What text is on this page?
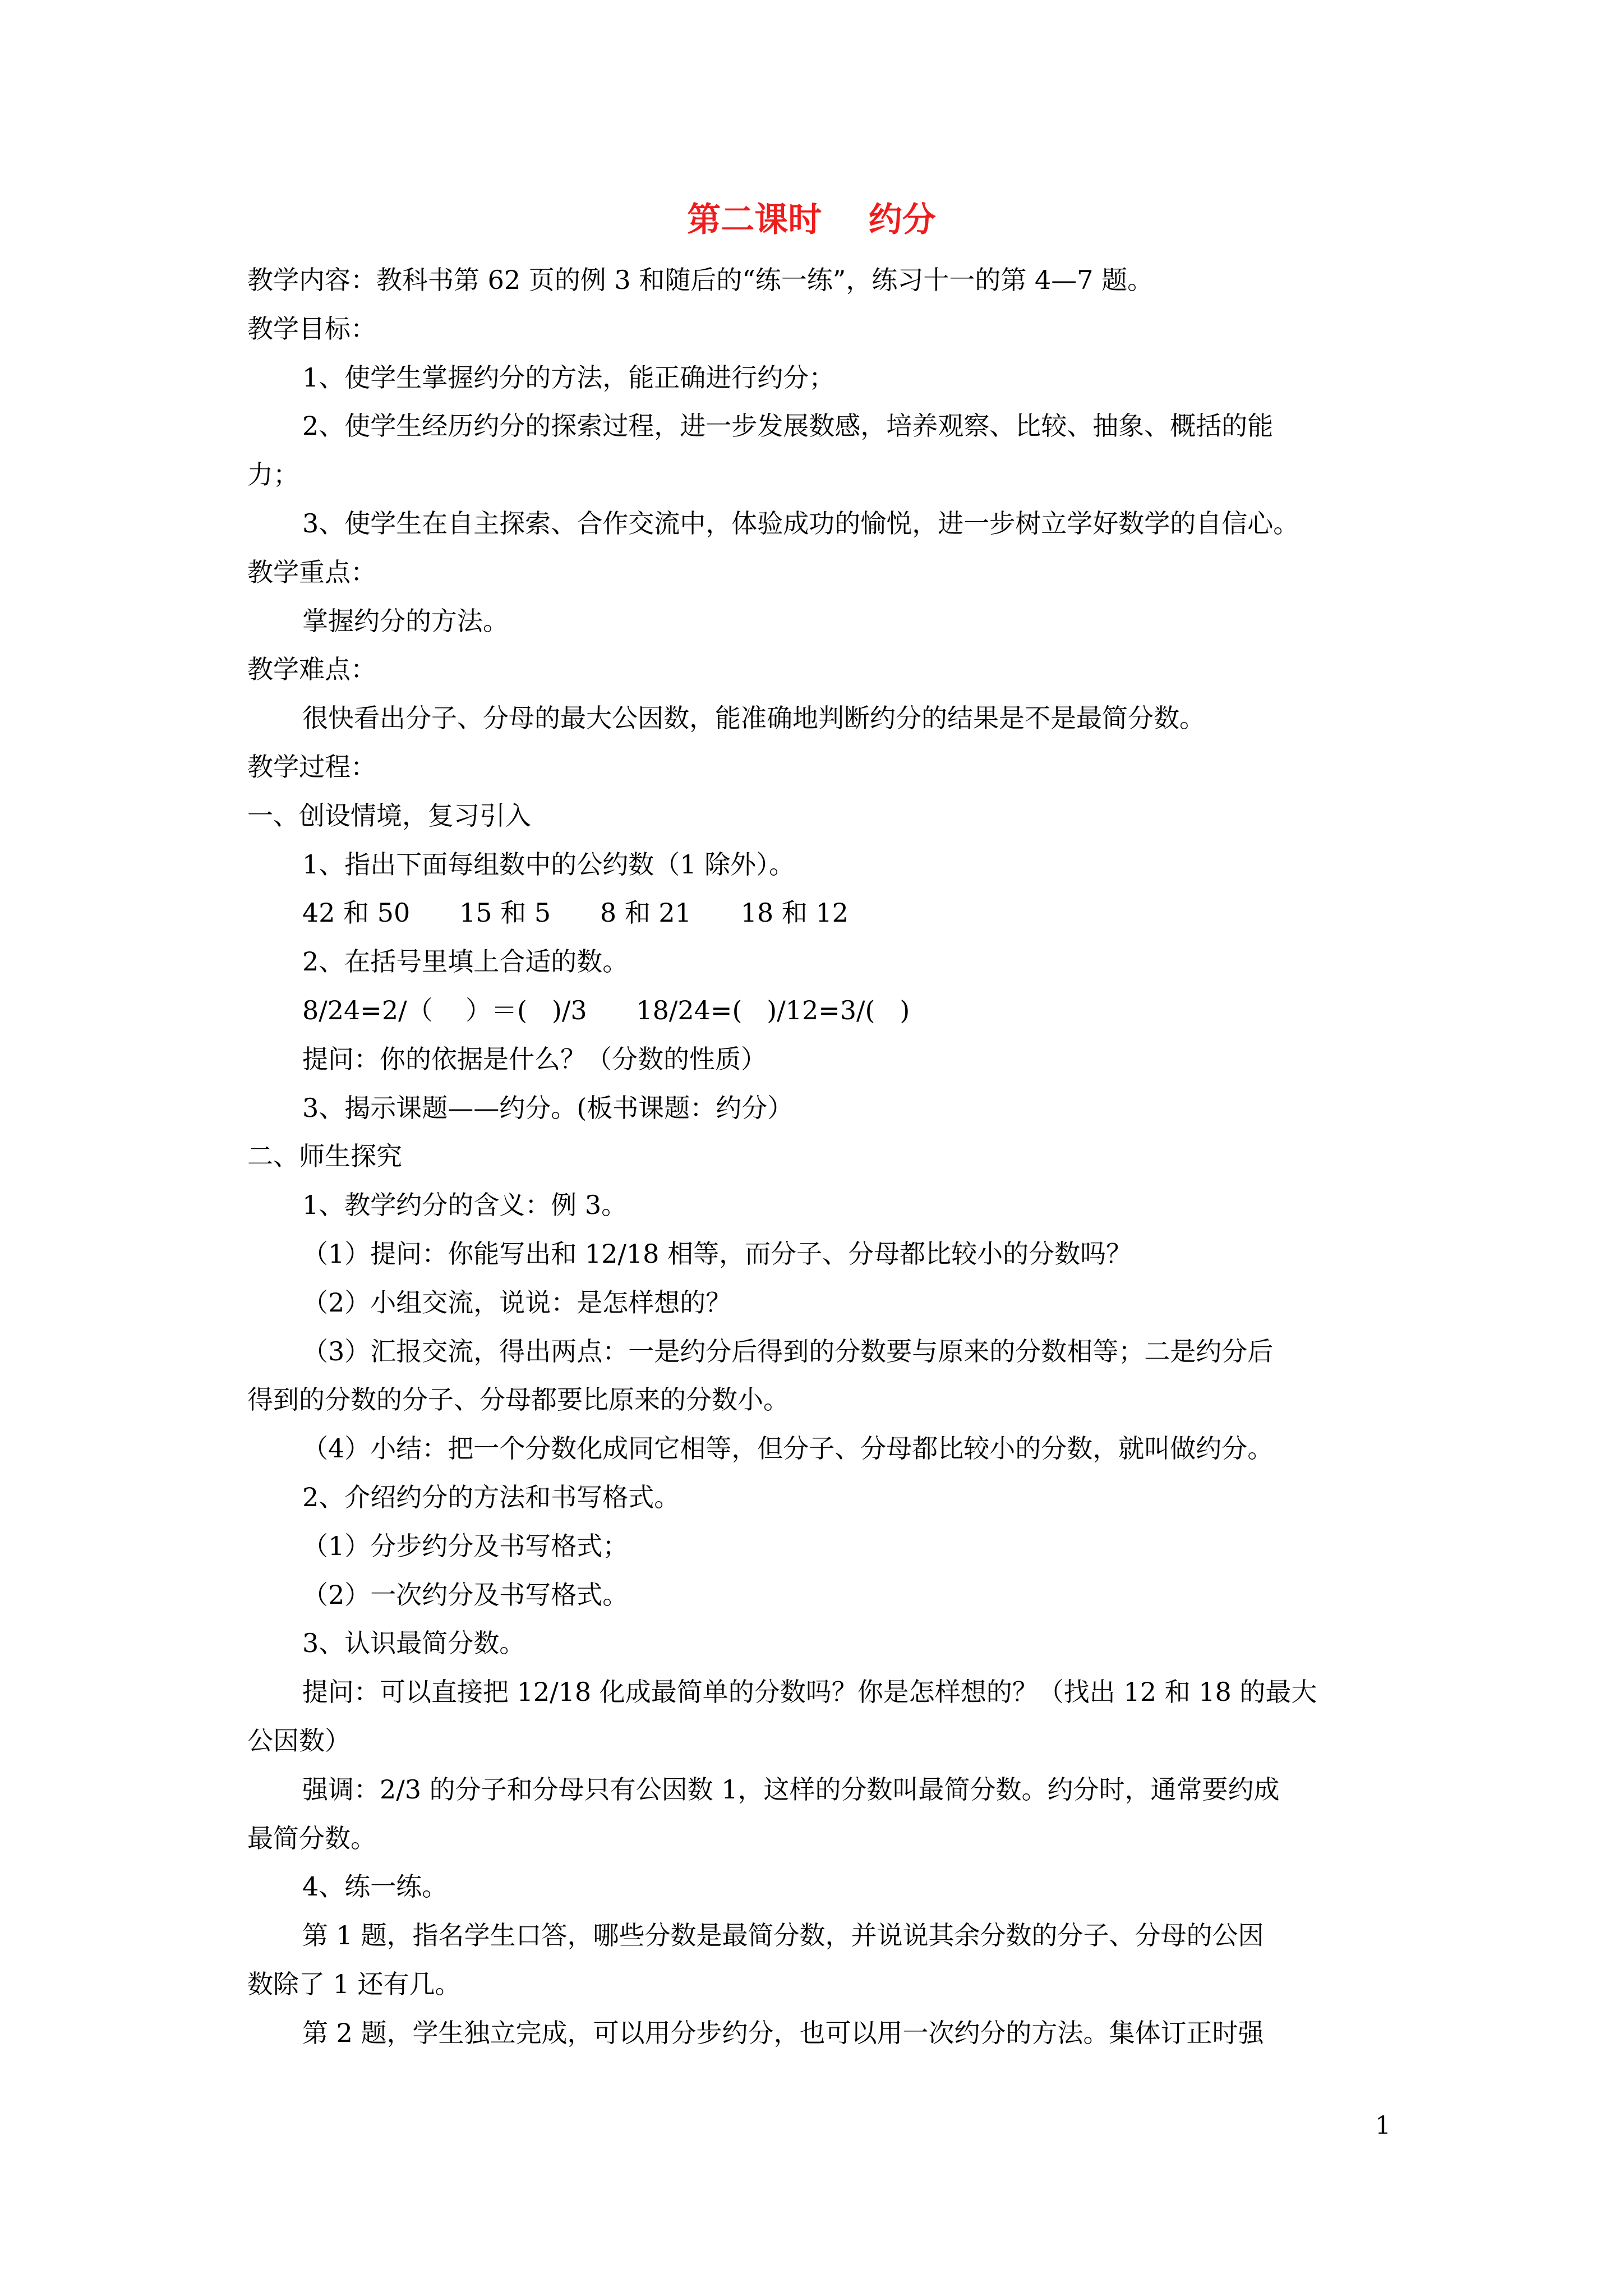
第二课时    约分
教学内容：教科书第 62 页的例 3 和随后的“练一练”，练习十一的第 4—7 题。
教学目标：
1、使学生掌握约分的方法，能正确进行约分；
2、使学生经历约分的探索过程，进一步发展数感，培养观察、比较、抽象、概括的能
力；
3、使学生在自主探索、合作交流中，体验成功的愉悦，进一步树立学好数学的自信心。
教学重点：
掌握约分的方法。
教学难点：
很快看出分子、分母的最大公因数，能准确地判断约分的结果是不是最简分数。
教学过程：
一、创设情境，复习引入
1、指出下面每组数中的公约数（1 除外）。
42 和 50      15 和 5      8 和 21      18 和 12
2、在括号里填上合适的数。
8/24=2/（    ）＝(   )/3      18/24=(   )/12=3/(   )
提问：你的依据是什么？（分数的性质）
3、揭示课题——约分。(板书课题：约分）
二、师生探究
1、教学约分的含义：例 3。
（1）提问：你能写出和 12/18 相等，而分子、分母都比较小的分数吗？
（2）小组交流，说说：是怎样想的？
（3）汇报交流，得出两点：一是约分后得到的分数要与原来的分数相等；二是约分后
得到的分数的分子、分母都要比原来的分数小。
（4）小结：把一个分数化成同它相等，但分子、分母都比较小的分数，就叫做约分。
2、介绍约分的方法和书写格式。
（1）分步约分及书写格式；
（2）一次约分及书写格式。
3、认识最简分数。
提问：可以直接把 12/18 化成最简单的分数吗？你是怎样想的？（找出 12 和 18 的最大
公因数）
强调：2/3 的分子和分母只有公因数 1，这样的分数叫最简分数。约分时，通常要约成
最简分数。
4、练一练。
第 1 题，指名学生口答，哪些分数是最简分数，并说说其余分数的分子、分母的公因
数除了 1 还有几。
第 2 题，学生独立完成，可以用分步约分，也可以用一次约分的方法。集体订正时强
1
